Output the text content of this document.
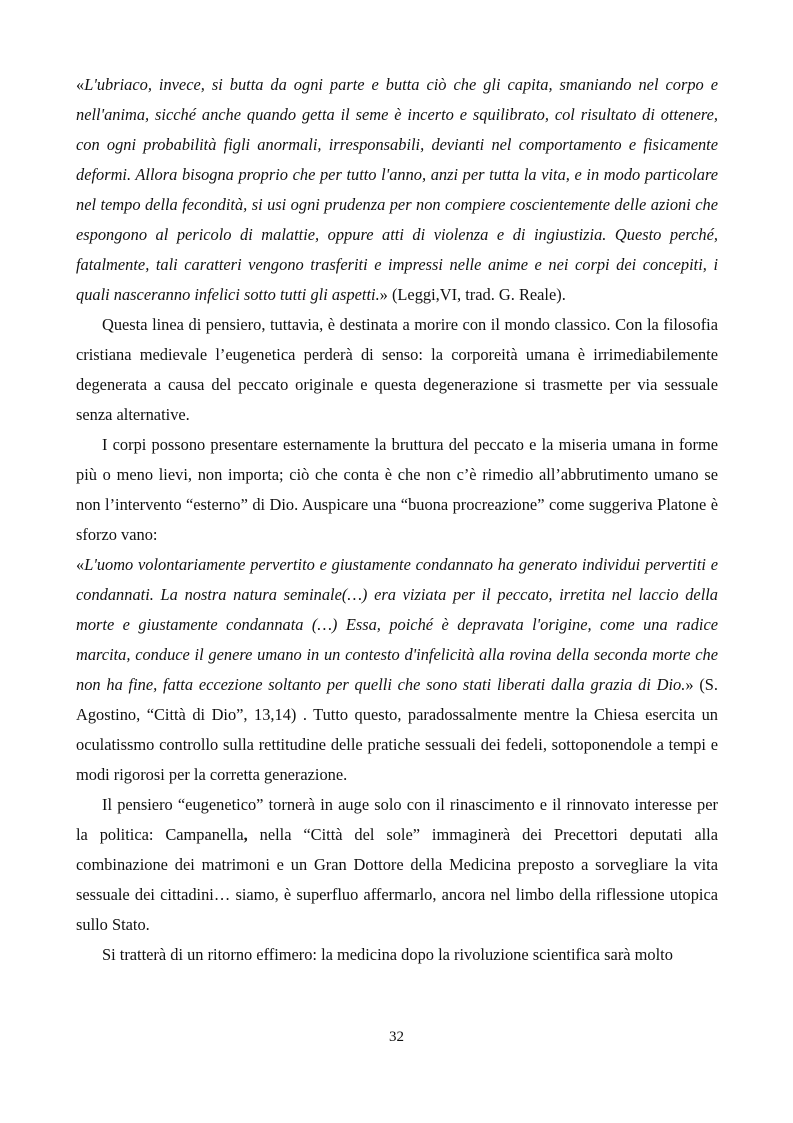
«L'ubriaco, invece, si butta da ogni parte e butta ciò che gli capita, smaniando nel corpo e nell'anima, sicché anche quando getta il seme è incerto e squilibrato, col risultato di ottenere, con ogni probabilità figli anormali, irresponsabili, devianti nel comportamento e fisicamente deformi. Allora bisogna proprio che per tutto l'anno, anzi per tutta la vita, e in modo particolare nel tempo della fecondità, si usi ogni prudenza per non compiere coscientemente delle azioni che espongono al pericolo di malattie, oppure atti di violenza e di ingiustizia. Questo perché, fatalmente, tali caratteri vengono trasferiti e impressi nelle anime e nei corpi dei concepiti, i quali nasceranno infelici sotto tutti gli aspetti.» (Leggi,VI, trad. G. Reale).

Questa linea di pensiero, tuttavia, è destinata a morire con il mondo classico. Con la filosofia cristiana medievale l’eugenetica perderà di senso: la corporeità umana è irrimediabilemente degenerata a causa del peccato originale e questa degenerazione si trasmette per via sessuale senza alternative.

I corpi possono presentare esternamente la bruttura del peccato e la miseria umana in forme più o meno lievi, non importa; ciò che conta è che non c’è rimedio all’abbrutimento umano se non l’intervento “esterno” di Dio. Auspicare una “buona procreazione” come suggeriva Platone è sforzo vano:

«L'uomo volontariamente pervertito e giustamente condannato ha generato individui pervertiti e condannati. La nostra natura seminale(…) era viziata per il peccato, irretita nel laccio della morte e giustamente condannata (…) Essa, poiché è depravata l'origine, come una radice marcita, conduce il genere umano in un contesto d'infelicità alla rovina della seconda morte che non ha fine, fatta eccezione soltanto per quelli che sono stati liberati dalla grazia di Dio.» (S. Agostino, “Città di Dio”, 13,14) . Tutto questo, paradossalmente mentre la Chiesa esercita un oculatissmo controllo sulla rettitudine delle pratiche sessuali dei fedeli, sottoponendole a tempi e modi rigorosi per la corretta generazione.

Il pensiero “eugenetico” tornerà in auge solo con il rinascimento e il rinnovato interesse per la politica: Campanella, nella “Città del sole” immaginerà dei Precettori deputati alla combinazione dei matrimoni e un Gran Dottore della Medicina preposto a sorvegliare la vita sessuale dei cittadini… siamo, è superfluo affermarlo, ancora nel limbo della riflessione utopica sullo Stato.

Si tratterà di un ritorno effimero: la medicina dopo la rivoluzione scientifica sarà molto

32
